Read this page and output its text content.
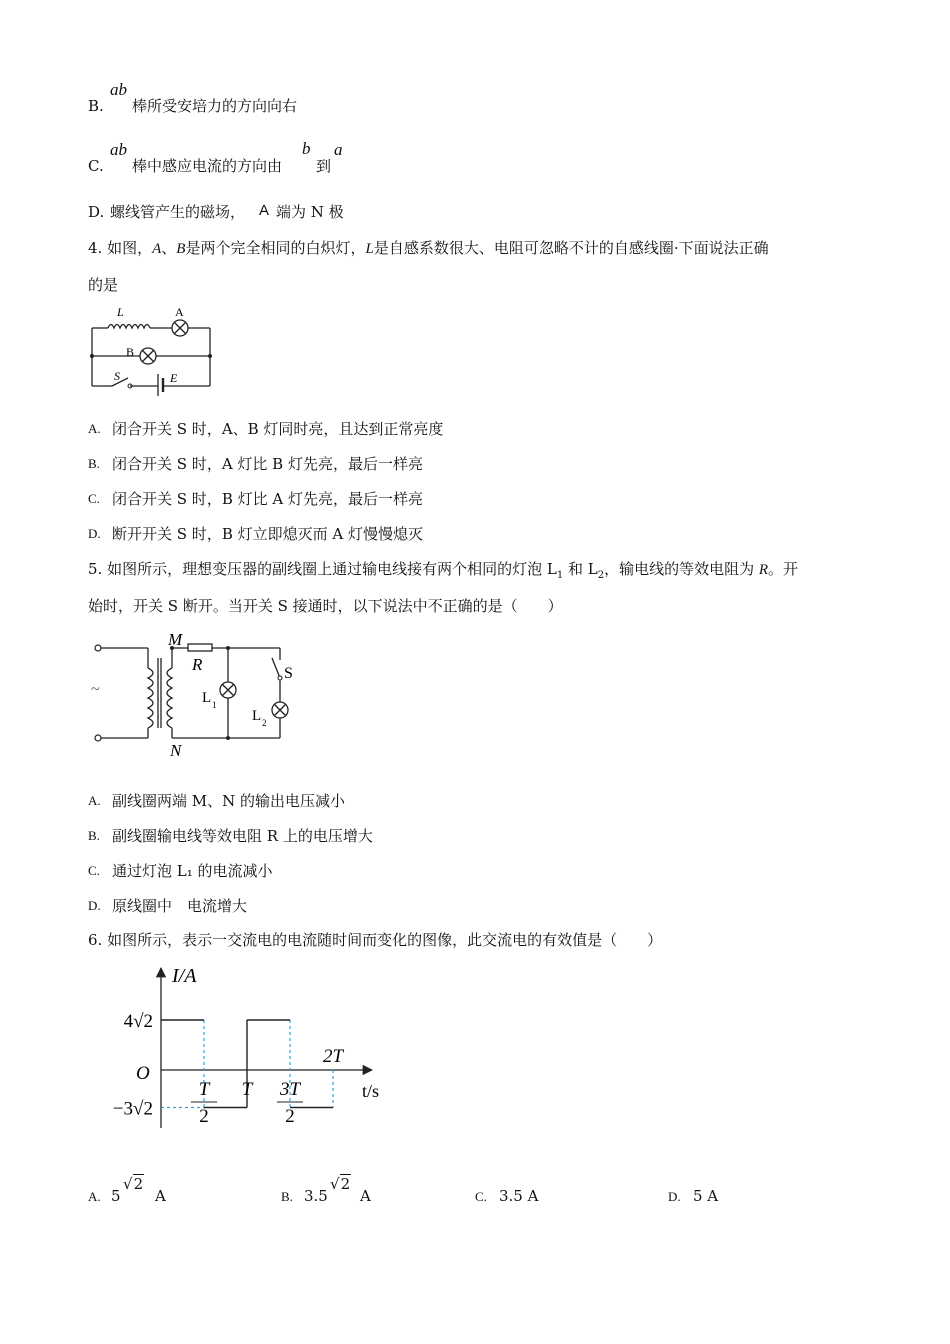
B.
ab
棒所受安培力的方向向右
C.
ab
棒中感应电流的方向由
b
到
a
D. 螺线管产生的磁场， A 端为 N 极
4. 如图，A、B是两个完全相同的白炽灯，L是自感系数很大、电阻可忽略不计的自感线圈·下面说法正确
的是
L	A
B
S	E
A. 闭合开关 S 时，A、B 灯同时亮，且达到正常亮度
B. 闭合开关 S 时，A 灯比 B 灯先亮，最后一样亮
C. 闭合开关 S 时，B 灯比 A 灯先亮，最后一样亮
D. 断开开关 S 时，B 灯立即熄灭而 A 灯慢慢熄灭
5. 如图所示，理想变压器的副线圈上通过输电线接有两个相同的灯泡 $L_1$ 和 $L_2$，输电线的等效电阻为 R。开
始时，开关 S 断开。当开关 S 接通时，以下说法中不正确的是（　　）
~
M
N
R	S
L 1
L 2
A. 副线圈两端 M、N 的输出电压减小
B. 副线圈输电线等效电阻 R 上的电压增大
C. 通过灯泡 L₁ 的电流减小
D. 原线圈中　电流增大
6. 如图所示，表示一交流电的电流随时间而变化的图像，此交流电的有效值是（　　）
I/A
t/s
O
4√2
−3√2
T
2
T 3T
2
2T
A. 5
√2
A	B. 3.5
√2
A	C. 3.5 A	D. 5 A
